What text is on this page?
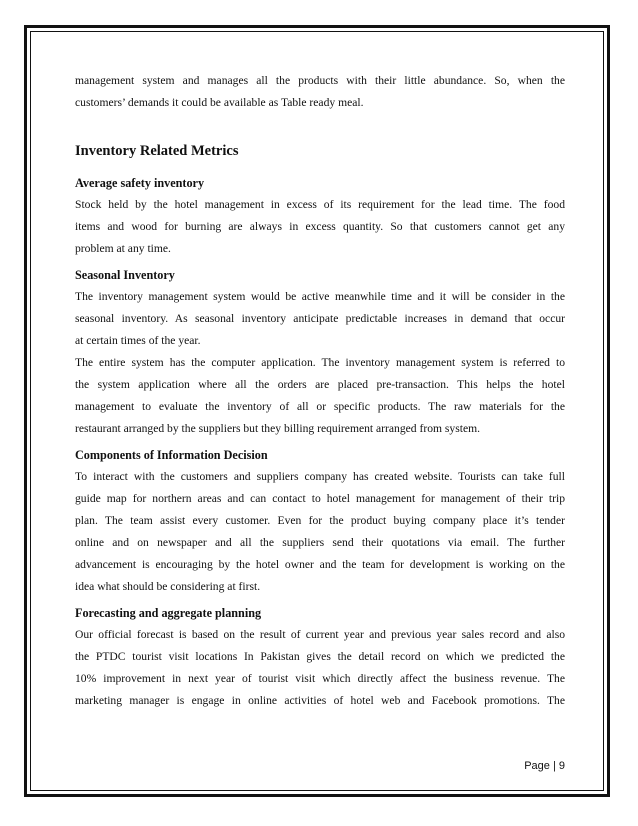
management system and manages all the products with their little abundance. So, when the
customers’ demands it could be available as Table ready meal.

Inventory Related Metrics
Average safety inventory

Stock held by the hotel management in excess of its requirement for the lead time. The food
items and wood for burning are always in excess quantity. So that customers cannot get any
problem at any time.

Seasonal Inventory

The inventory management system would be active meanwhile time and it will be consider in the
seasonal inventory. As seasonal inventory anticipate predictable increases in demand that occur
at certain times of the year.
The entire system has the computer application. The inventory management system is referred to
the system application where all the orders are placed pre-transaction. This helps the hotel
management to evaluate the inventory of all or specific products. The raw materials for the
restaurant arranged by the suppliers but they billing requirement arranged from system.

Components of Information Decision

To interact with the customers and suppliers company has created website. Tourists can take full
guide map for northern areas and can contact to hotel management for management of their trip
plan. The team assist every customer. Even for the product buying company place it’s tender
online and on newspaper and all the suppliers send their quotations via email. The further
advancement is encouraging by the hotel owner and the team for development is working on the
idea what should be considering at first.

Forecasting and aggregate planning

Our official forecast is based on the result of current year and previous year sales record and also
the PTDC tourist visit locations In Pakistan gives the detail record on which we predicted the
10% improvement in next year of tourist visit which directly affect the business revenue. The
marketing manager is engage in online activities of hotel web and Facebook promotions. The

Page | 9
